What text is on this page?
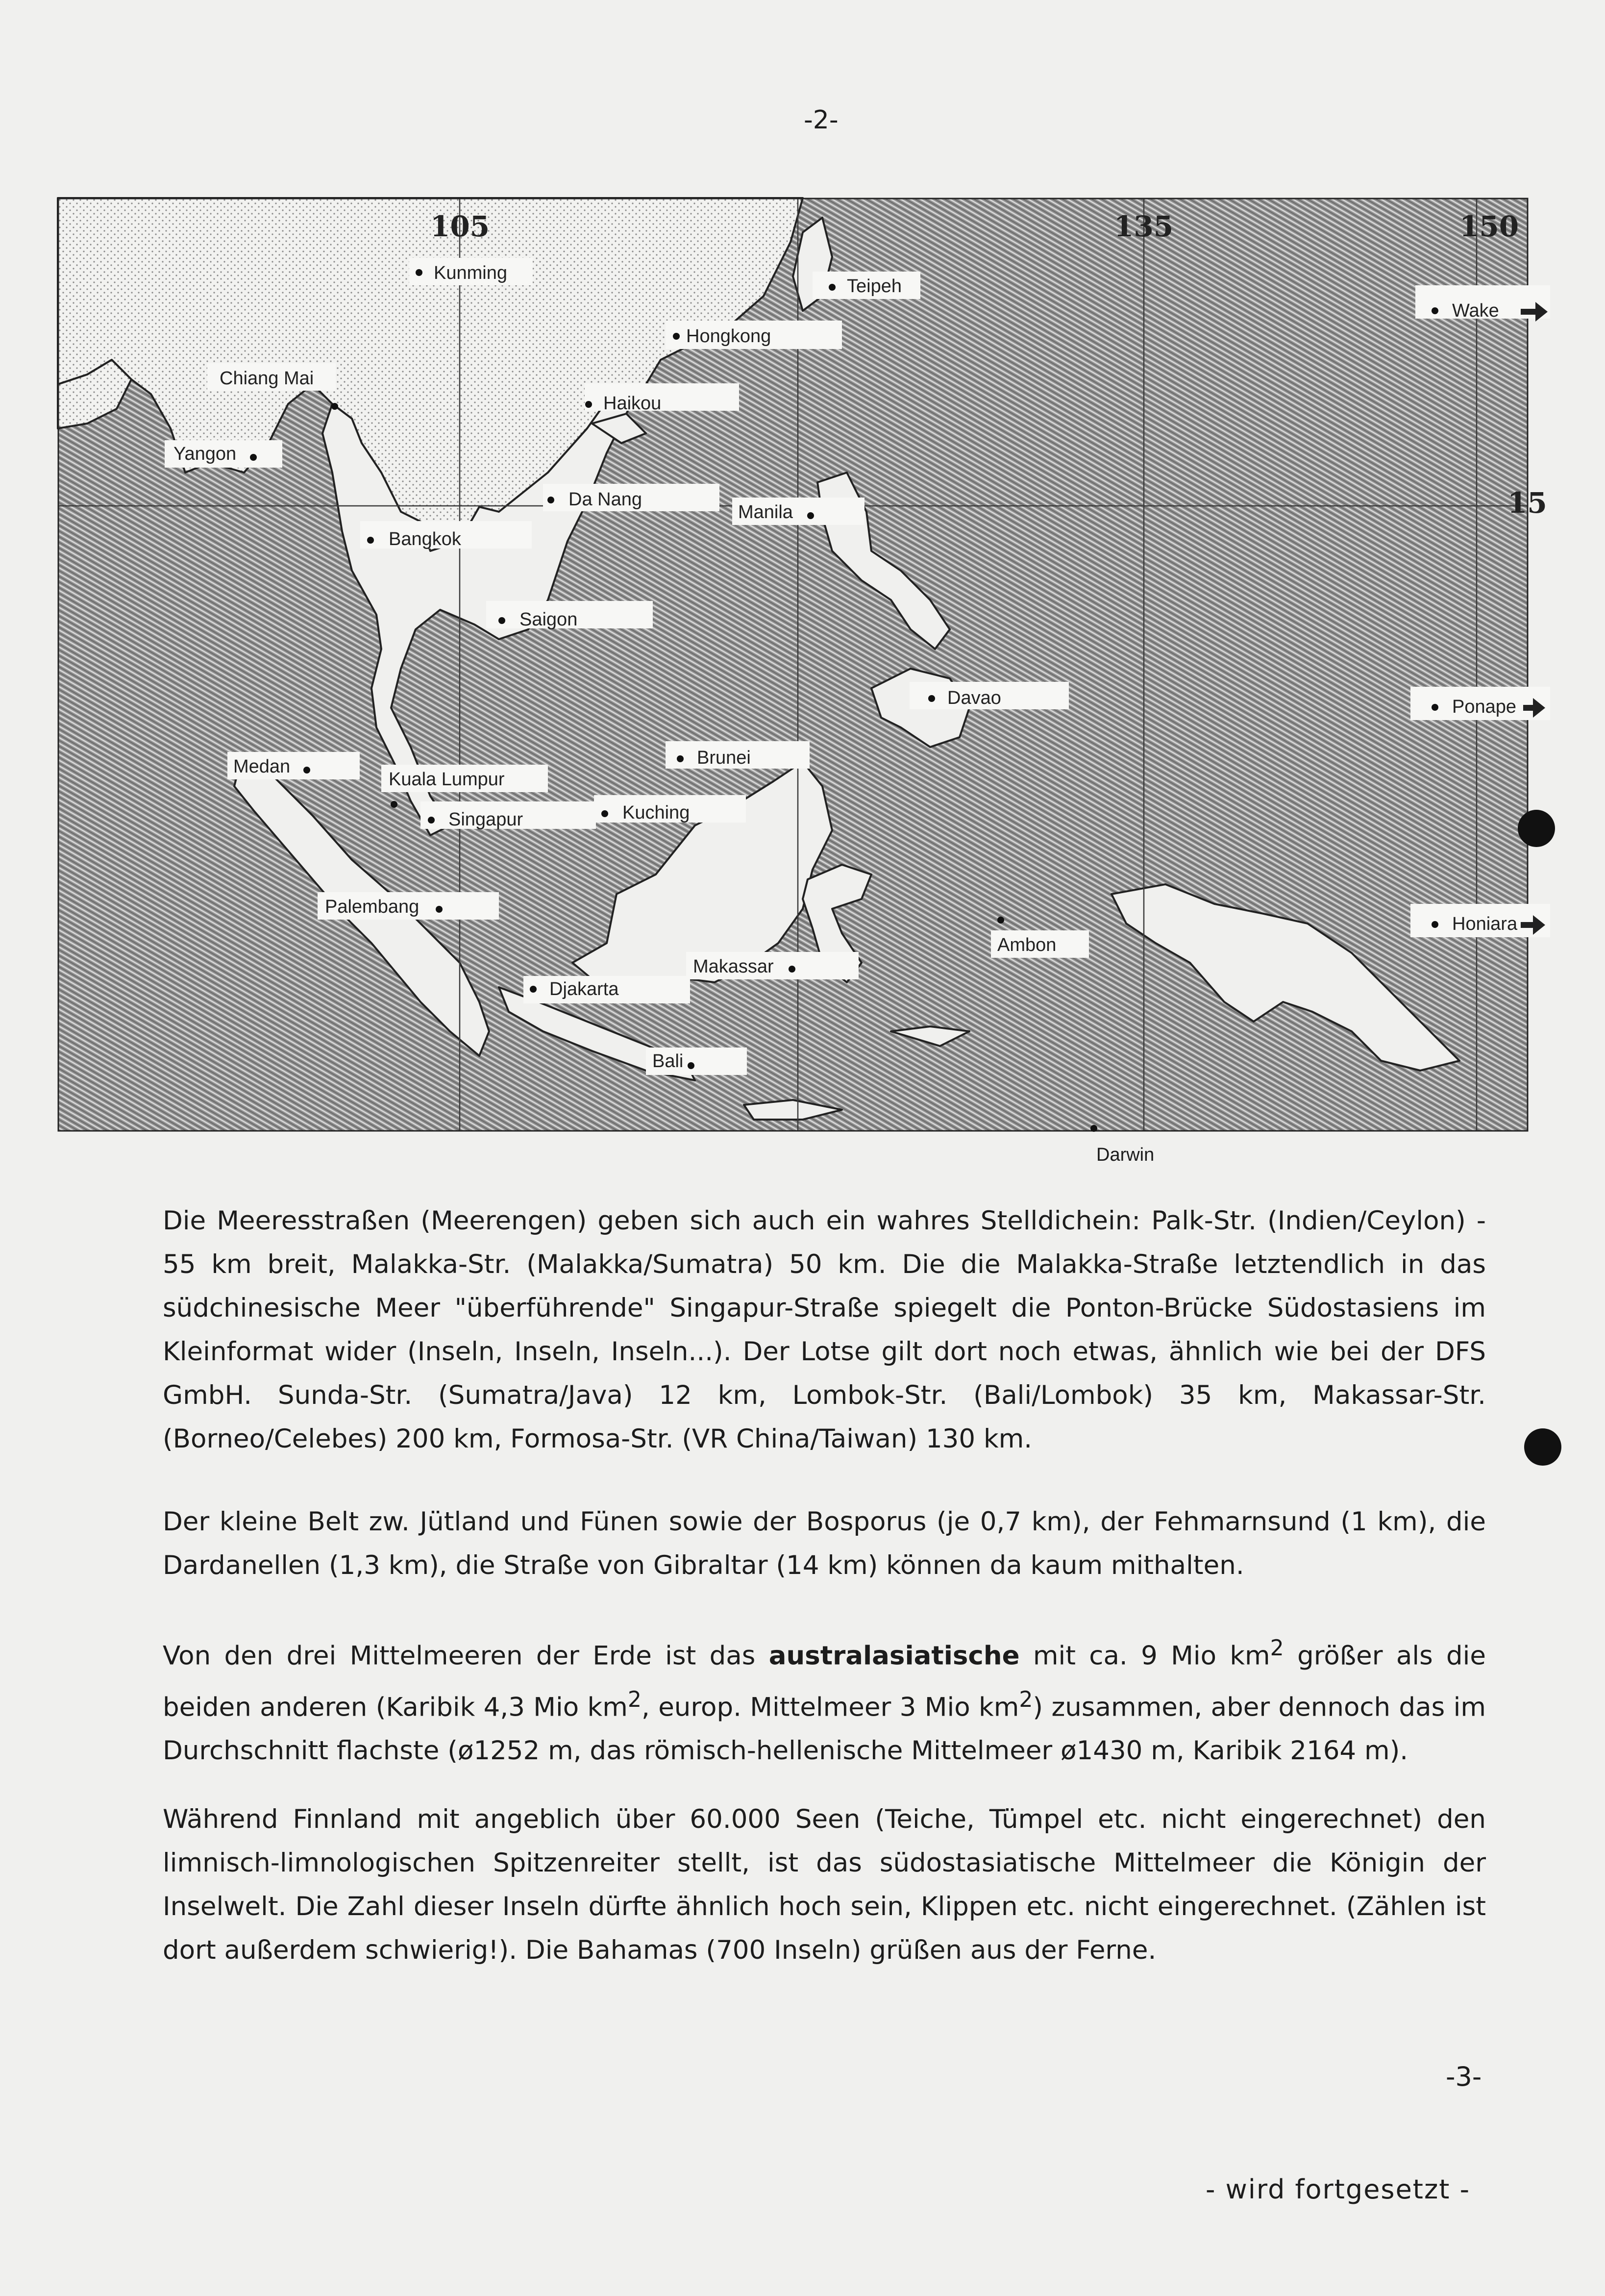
-2-
105	135	150
15
Kunming
Teipeh
Hongkong
Chiang Mai
Haikou
Yangon
Da Nang
Manila
Bangkok
Saigon
Davao
Medan
Kuala Lumpur
Brunei
Singapur	Kuching
Palembang
Makassar
Ambon
Djakarta
Bali
Wake
Ponape
Honiara
Darwin

Die Meeresstraßen (Meerengen) geben sich auch ein wahres Stelldichein: Palk-Str. (Indien/Ceylon) - 55 km breit, Malakka-Str. (Malakka/Sumatra) 50 km. Die die Malakka-Straße letztendlich in das südchinesische Meer "überführende" Singapur-Straße spiegelt die Ponton-Brücke Südostasiens im Kleinformat wider (Inseln, Inseln, Inseln...). Der Lotse gilt dort noch etwas, ähnlich wie bei der DFS GmbH. Sunda-Str. (Sumatra/Java) 12 km, Lombok-Str. (Bali/Lombok) 35 km, Makassar-Str. (Borneo/Celebes) 200 km, Formosa-Str. (VR China/Taiwan) 130 km.

Der kleine Belt zw. Jütland und Fünen sowie der Bosporus (je 0,7 km), der Fehmarnsund (1 km), die Dardanellen (1,3 km), die Straße von Gibraltar (14 km) können da kaum mithalten.

Von den drei Mittelmeeren der Erde ist das australasiatische mit ca. 9 Mio $km^2$ größer als die beiden anderen (Karibik 4,3 Mio $km^2$, europ. Mittelmeer 3 Mio $km^2$) zusammen, aber dennoch das im Durchschnitt flachste (ø1252 m, das römisch-hellenische Mittelmeer ø1430 m, Karibik 2164 m).

Während Finnland mit angeblich über 60.000 Seen (Teiche, Tümpel etc. nicht eingerechnet) den limnisch-limnologischen Spitzenreiter stellt, ist das südostasiatische Mittelmeer die Königin der Inselwelt. Die Zahl dieser Inseln dürfte ähnlich hoch sein, Klippen etc. nicht eingerechnet. (Zählen ist dort außerdem schwierig!). Die Bahamas (700 Inseln) grüßen aus der Ferne.

-3-
- wird fortgesetzt -
